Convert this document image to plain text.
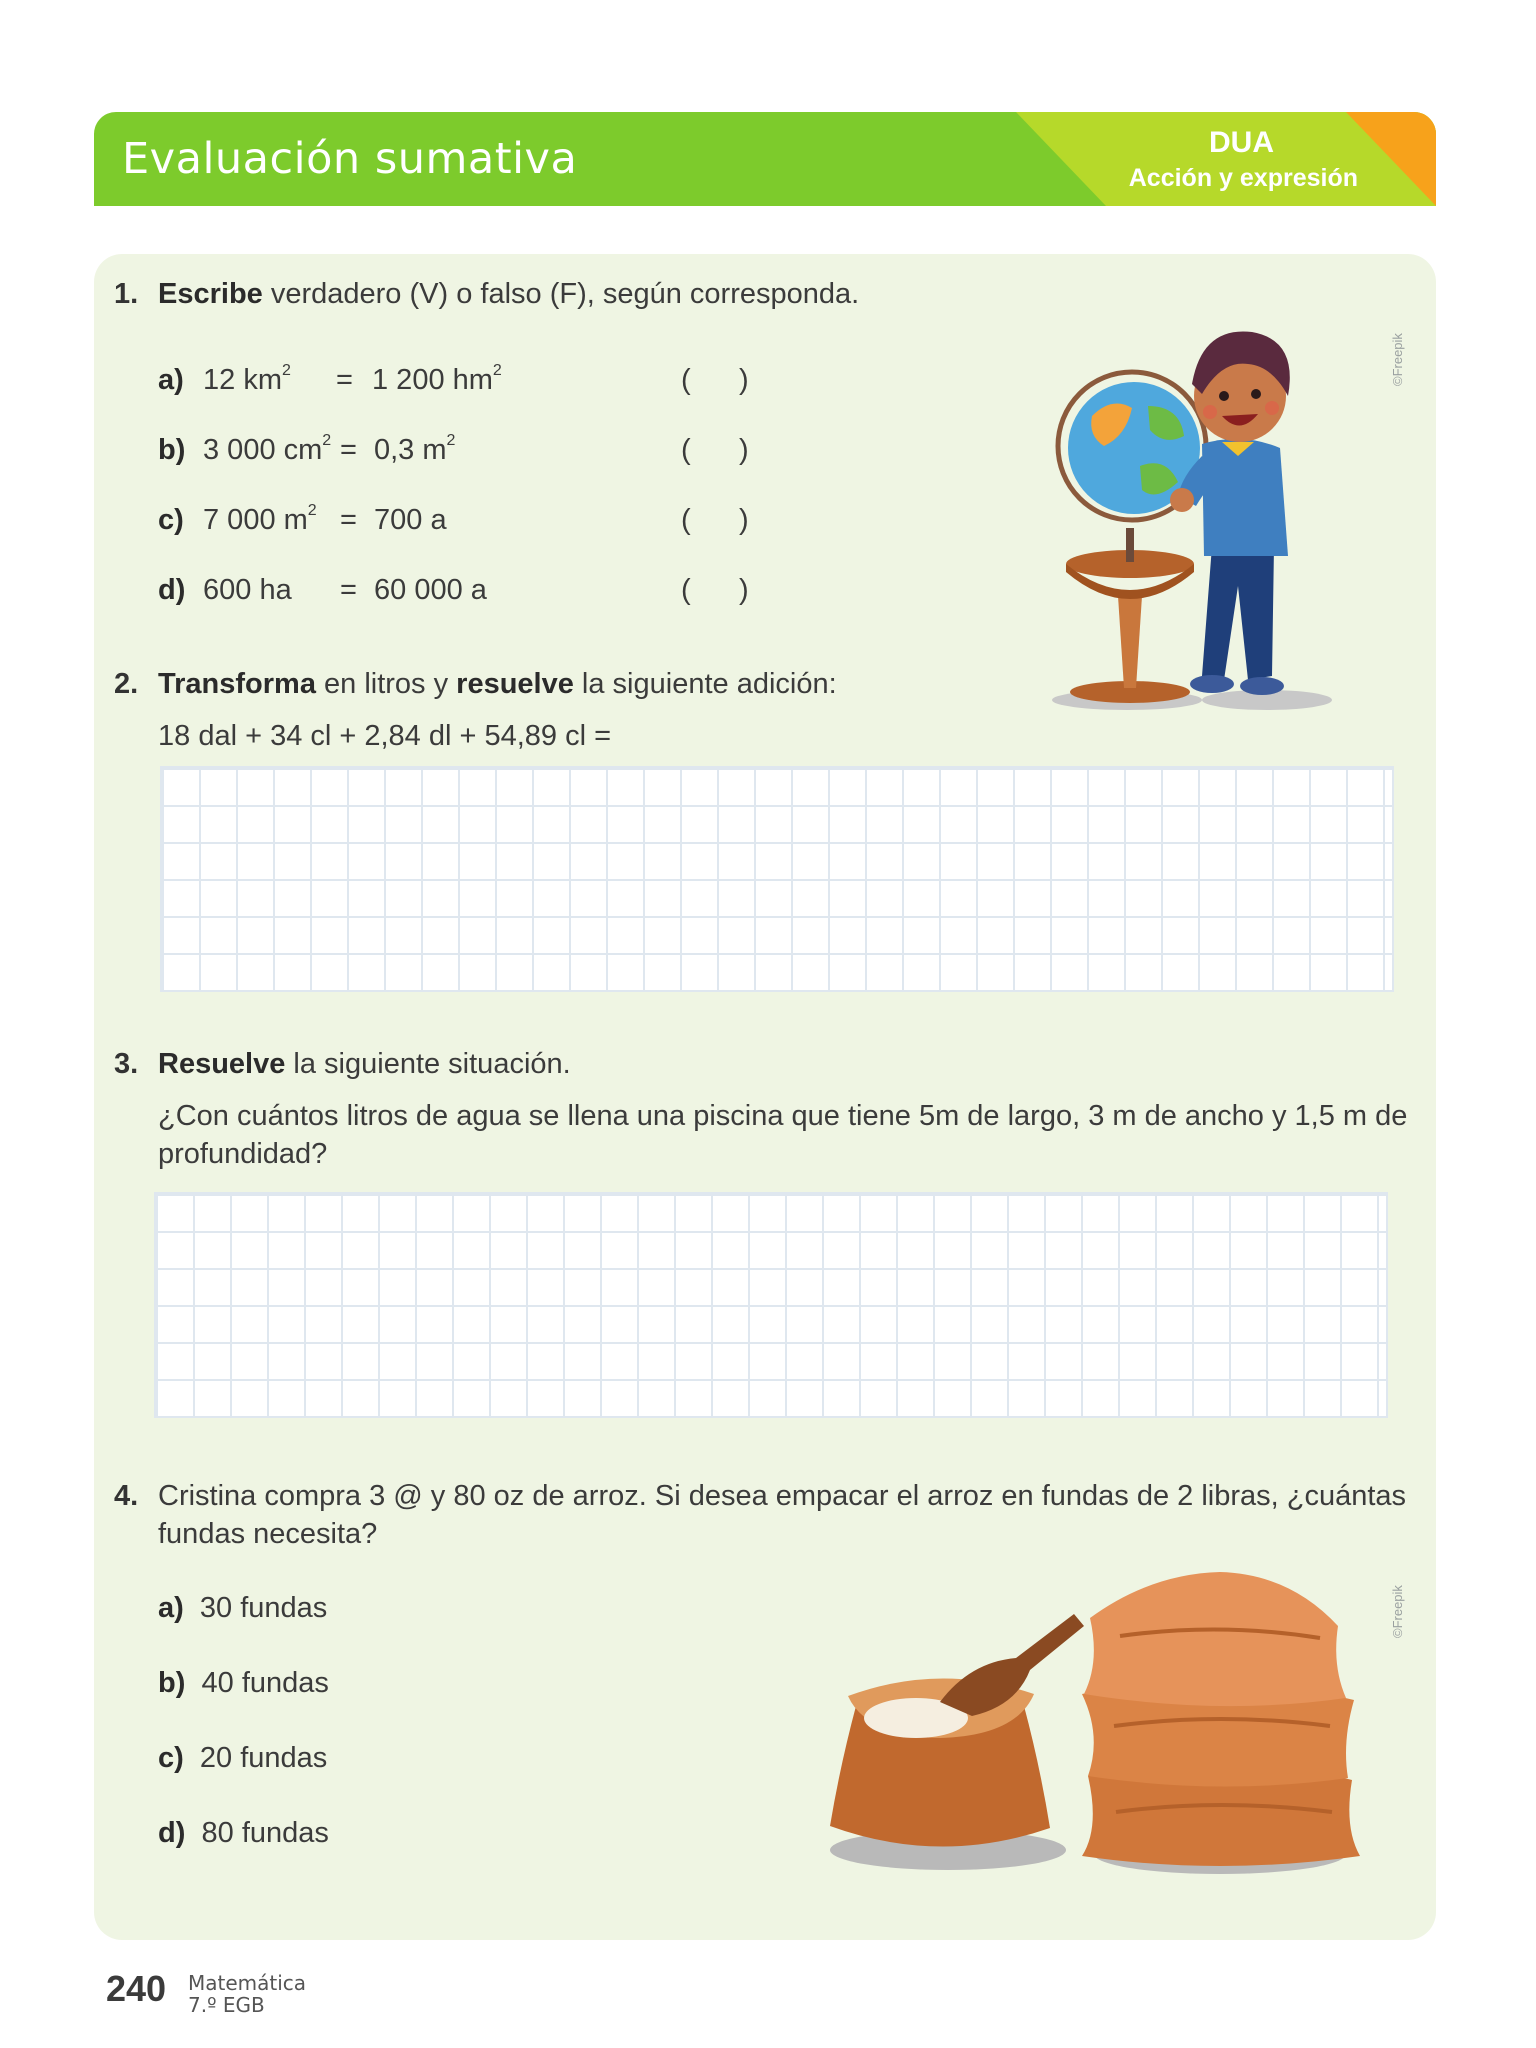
Evaluación sumativa	DUA
Acción y expresión
1. Escribe verdadero (V) o falso (F), según corresponda.
a) 12 $km^2 = 1$ 200 $hm^2$	(      )
b) 3 000 $cm^2 = 0,3$ $m^2$	(      )
c) 7 000 $m^2 = 700$ a	(      )
d) 600 ha = 60 000 a	(      )
©Freepik
2. Transforma en litros y resuelve la siguiente adición:
18 dal + 34 cl + 2,84 dl + 54,89 cl =
3. Resuelve la siguiente situación.
¿Con cuántos litros de agua se llena una piscina que tiene 5m de largo, 3 m de ancho y 1,5 m de
profundidad?
4. Cristina compra 3 @ y 80 oz de arroz. Si desea empacar el arroz en fundas de 2 libras, ¿cuántas
fundas necesita?
a) 30 fundas
b) 40 fundas
c) 20 fundas
d) 80 fundas
©Freepik
240 Matemática
7.º EGB
